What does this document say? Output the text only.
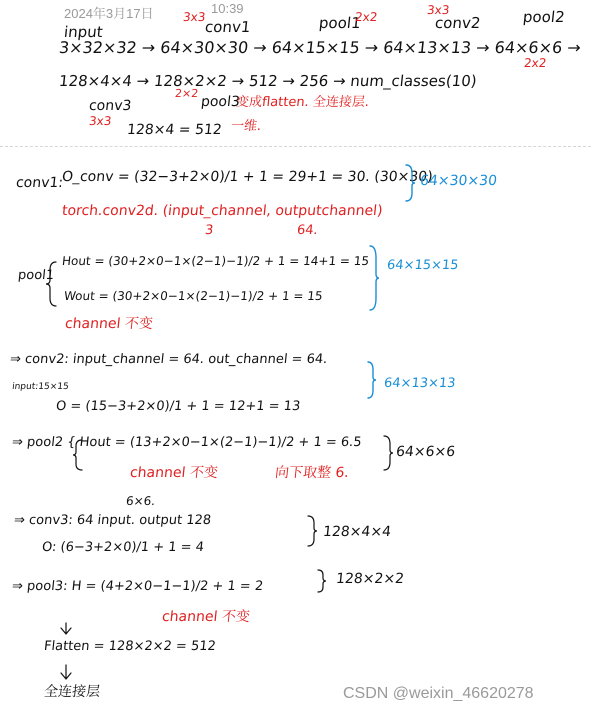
2024年3月17日	10:39
input
3x3
conv1	pool1
2x2	3x3
conv2	pool2
3×32×32 → 64×30×30 → 64×15×15 → 64×13×13 → 64×6×6 →
2x2
128×4×4 → 128×2×2 → 512 → 256 → num_classes(10)
2×2
pool3
变成flatten. 全连接层.
conv3
3x3
128×4 = 512 一维.
conv1:
O_conv = (32−3+2×0)/1 + 1 = 29+1 = 30. (30×30)
torch.conv2d. (input_channel, outputchannel)
3	64.
64×30×30
pool1
Hout = (30+2×0−1×(2−1)−1)/2 + 1 = 14+1 = 15
Wout = (30+2×0−1×(2−1)−1)/2 + 1 = 15
channel 不变
64×15×15
⇒ conv2: input_channel = 64. out_channel = 64.
input:15×15
O = (15−3+2×0)/1 + 1 = 12+1 = 13
64×13×13
⇒ pool2 { Hout = (13+2×0−1×(2−1)−1)/2 + 1 = 6.5
channel 不变	向下取整 6.
64×6×6
6×6.
⇒ conv3: 64 input. output 128
O: (6−3+2×0)/1 + 1 = 4
128×4×4
⇒ pool3: H = (4+2×0−1−1)/2 + 1 = 2
channel 不变
128×2×2
Flatten = 128×2×2 = 512
全连接层	CSDN @weixin_46620278
